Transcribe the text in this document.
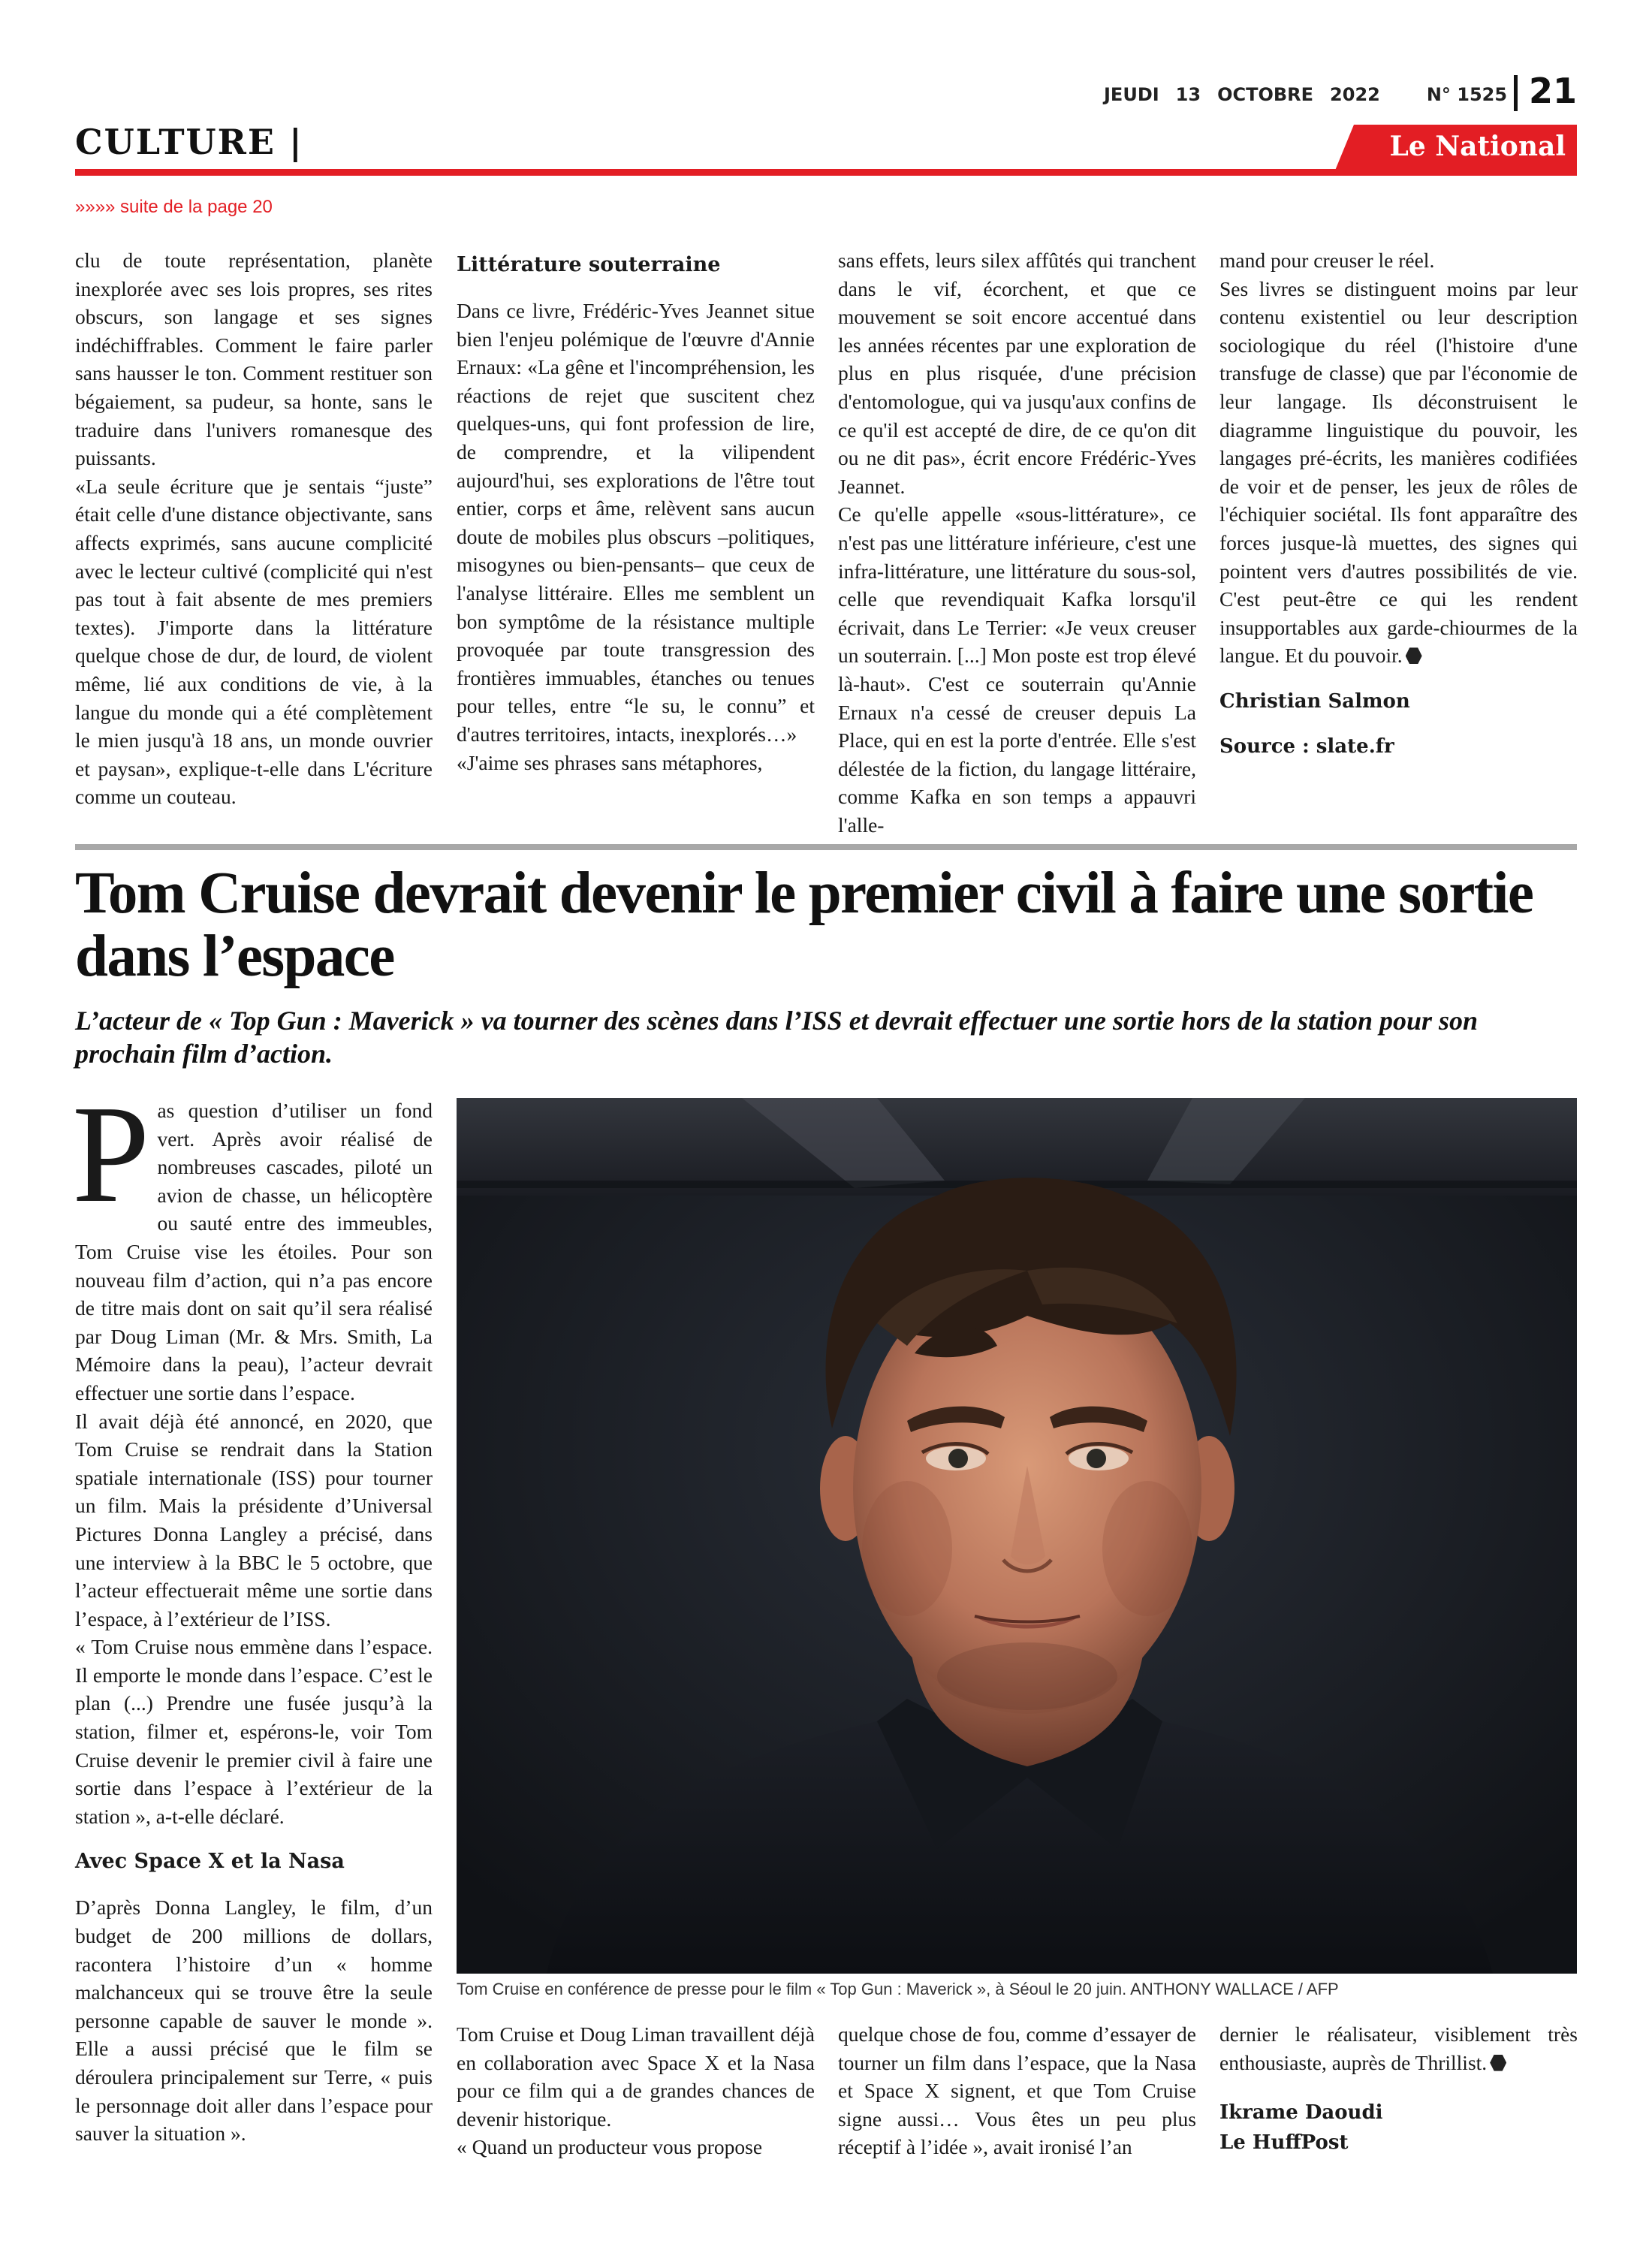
JEUDI 13 OCTOBRE 2022	N° 1525 21
CULTURE |	Le National
»»»» suite de la page 20

clu de toute représentation, planète inexplorée avec ses lois propres, ses rites obscurs, son langage et ses signes indéchiffrables. Comment le faire parler sans hausser le ton. Comment restituer son bégaiement, sa pudeur, sa honte, sans le traduire dans l'univers romanesque des puissants.

«La seule écriture que je sentais “juste” était celle d'une distance objectivante, sans affects exprimés, sans aucune complicité avec le lecteur cultivé (complicité qui n'est pas tout à fait absente de mes premiers textes). J'importe dans la littérature quelque chose de dur, de lourd, de violent même, lié aux conditions de vie, à la langue du monde qui a été complètement le mien jusqu'à 18 ans, un monde ouvrier et paysan», explique-t-elle dans L'écriture comme un couteau.

Littérature souterraine

Dans ce livre, Frédéric-Yves Jeannet situe bien l'enjeu polémique de l'œuvre d'Annie Ernaux: «La gêne et l'incompréhension, les réactions de rejet que suscitent chez quelques-uns, qui font profession de lire, de comprendre, et la vilipendent aujourd'hui, ses explorations de l'être tout entier, corps et âme, relèvent sans aucun doute de mobiles plus obscurs –politiques, misogynes ou bien-pensants– que ceux de l'analyse littéraire. Elles me semblent un bon symptôme de la résistance multiple provoquée par toute transgression des frontières immuables, étanches ou tenues pour telles, entre “le su, le connu” et d'autres territoires, intacts, inexplorés…»

«J'aime ses phrases sans métaphores,

sans effets, leurs silex affûtés qui tranchent dans le vif, écorchent, et que ce mouvement se soit encore accentué dans les années récentes par une exploration de plus en plus risquée, d'une précision d'entomologue, qui va jusqu'aux confins de ce qu'il est accepté de dire, de ce qu'on dit ou ne dit pas», écrit encore Frédéric-Yves Jeannet.

Ce qu'elle appelle «sous-littérature», ce n'est pas une littérature inférieure, c'est une infra-littérature, une littérature du sous-sol, celle que revendiquait Kafka lorsqu'il écrivait, dans Le Terrier: «Je veux creuser un souterrain. [...] Mon poste est trop élevé là-haut». C'est ce souterrain qu'Annie Ernaux n'a cessé de creuser depuis La Place, qui en est la porte d'entrée. Elle s'est délestée de la fiction, du langage littéraire, comme Kafka en son temps a appauvri l'alle-

mand pour creuser le réel.

Ses livres se distinguent moins par leur contenu existentiel ou leur description sociologique du réel (l'histoire d'une transfuge de classe) que par l'économie de leur langage. Ils déconstruisent le diagramme linguistique du pouvoir, les langages pré-écrits, les manières codifiées de voir et de penser, les jeux de rôles de l'échiquier sociétal. Ils font apparaître des forces jusque-là muettes, des signes qui pointent vers d'autres possibilités de vie. C'est peut-être ce qui les rendent insupportables aux garde-chiourmes de la langue. Et du pouvoir.

Christian Salmon
Source : slate.fr
Tom Cruise devrait devenir le premier civil à faire une sortie dans l’espace
L’acteur de « Top Gun : Maverick » va tourner des scènes dans l’ISS et devrait effectuer une sortie hors de la station pour son prochain film d’action.

Pas question d’utiliser un fond vert. Après avoir réalisé de nombreuses cascades, piloté un avion de chasse, un hélicoptère ou sauté entre des immeubles, Tom Cruise vise les étoiles. Pour son nouveau film d’action, qui n’a pas encore de titre mais dont on sait qu’il sera réalisé par Doug Liman (Mr. & Mrs. Smith, La Mémoire dans la peau), l’acteur devrait effectuer une sortie dans l’espace.

Il avait déjà été annoncé, en 2020, que Tom Cruise se rendrait dans la Station spatiale internationale (ISS) pour tourner un film. Mais la présidente d’Universal Pictures Donna Langley a précisé, dans une interview à la BBC le 5 octobre, que l’acteur effectuerait même une sortie dans l’espace, à l’extérieur de l’ISS.

« Tom Cruise nous emmène dans l’espace. Il emporte le monde dans l’espace. C’est le plan (...) Prendre une fusée jusqu’à la station, filmer et, espérons-le, voir Tom Cruise devenir le premier civil à faire une sortie dans l’espace à l’extérieur de la station », a-t-elle déclaré.

Avec Space X et la Nasa

D’après Donna Langley, le film, d’un budget de 200 millions de dollars, racontera l’histoire d’un « homme malchanceux qui se trouve être la seule personne capable de sauver le monde ». Elle a aussi précisé que le film se déroulera principalement sur Terre, « puis le personnage doit aller dans l’espace pour sauver la situation ».

Tom Cruise en conférence de presse pour le film « Top Gun : Maverick », à Séoul le 20 juin. ANTHONY WALLACE / AFP

Tom Cruise et Doug Liman travaillent déjà en collaboration avec Space X et la Nasa pour ce film qui a de grandes chances de devenir historique.

« Quand un producteur vous propose

quelque chose de fou, comme d’essayer de tourner un film dans l’espace, que la Nasa et Space X signent, et que Tom Cruise signe aussi… Vous êtes un peu plus réceptif à l’idée », avait ironisé l’an

dernier le réalisateur, visiblement très enthousiaste, auprès de Thrillist.

Ikrame Daoudi
Le HuffPost
